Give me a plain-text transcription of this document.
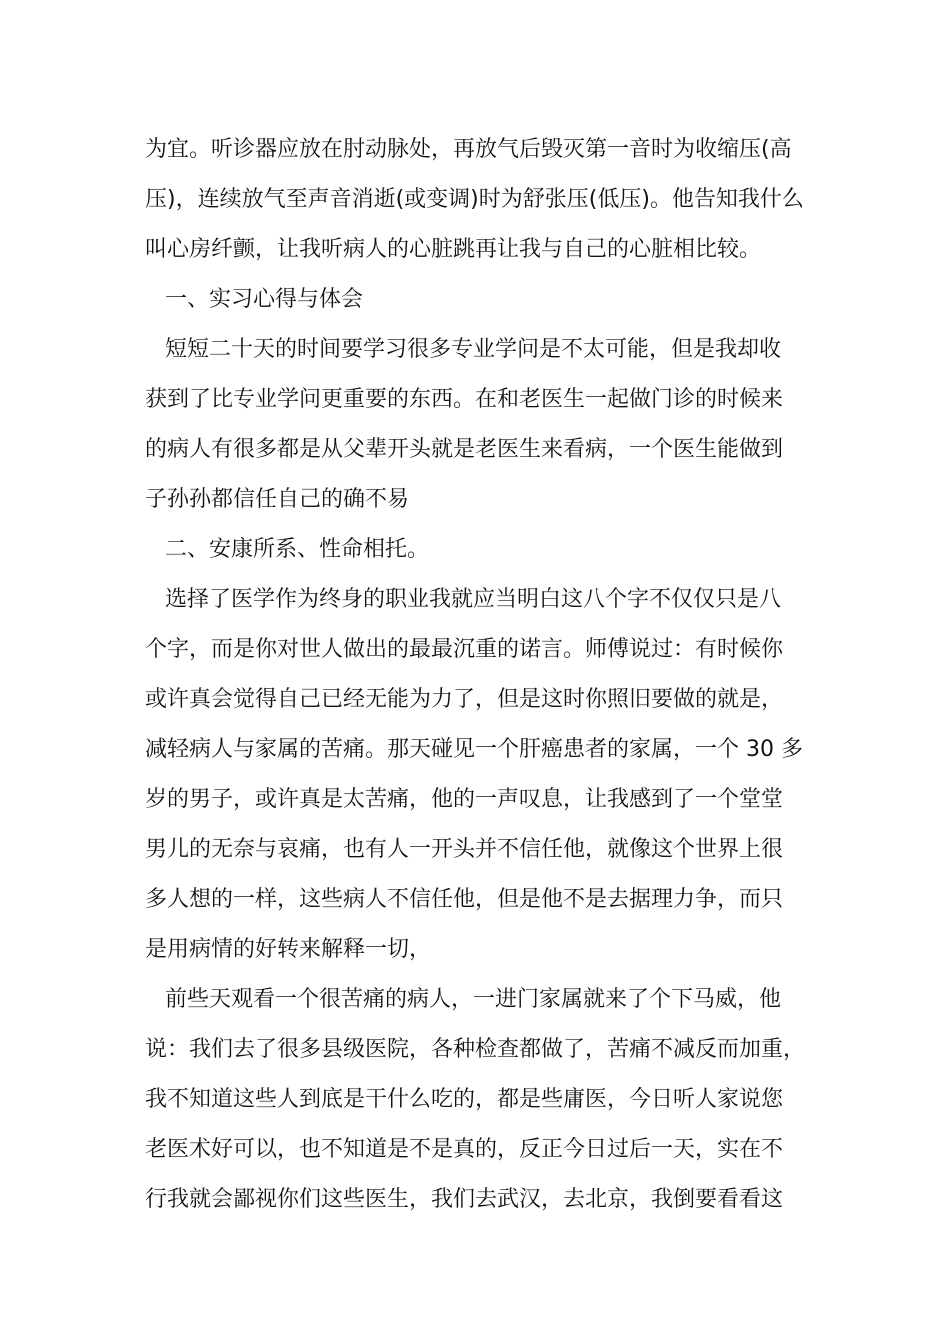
为宜。听诊器应放在肘动脉处，再放气后毁灭第一音时为收缩压(高
压)，连续放气至声音消逝(或变调)时为舒张压(低压)。他告知我什么
叫心房纤颤，让我听病人的心脏跳再让我与自己的心脏相比较。
一、实习心得与体会
短短二十天的时间要学习很多专业学问是不太可能，但是我却收
获到了比专业学问更重要的东西。在和老医生一起做门诊的时候来
的病人有很多都是从父辈开头就是老医生来看病，一个医生能做到
子孙孙都信任自己的确不易
二、安康所系、性命相托。
选择了医学作为终身的职业我就应当明白这八个字不仅仅只是八
个字，而是你对世人做出的最最沉重的诺言。师傅说过：有时候你
或许真会觉得自己已经无能为力了，但是这时你照旧要做的就是，
减轻病人与家属的苦痛。那天碰见一个肝癌患者的家属，一个 30 多
岁的男子，或许真是太苦痛，他的一声叹息，让我感到了一个堂堂
男儿的无奈与哀痛，也有人一开头并不信任他，就像这个世界上很
多人想的一样，这些病人不信任他，但是他不是去据理力争，而只
是用病情的好转来解释一切，
前些天观看一个很苦痛的病人，一进门家属就来了个下马威，他
说：我们去了很多县级医院，各种检查都做了，苦痛不减反而加重，
我不知道这些人到底是干什么吃的，都是些庸医，今日听人家说您
老医术好可以，也不知道是不是真的，反正今日过后一天，实在不
行我就会鄙视你们这些医生，我们去武汉，去北京，我倒要看看这
